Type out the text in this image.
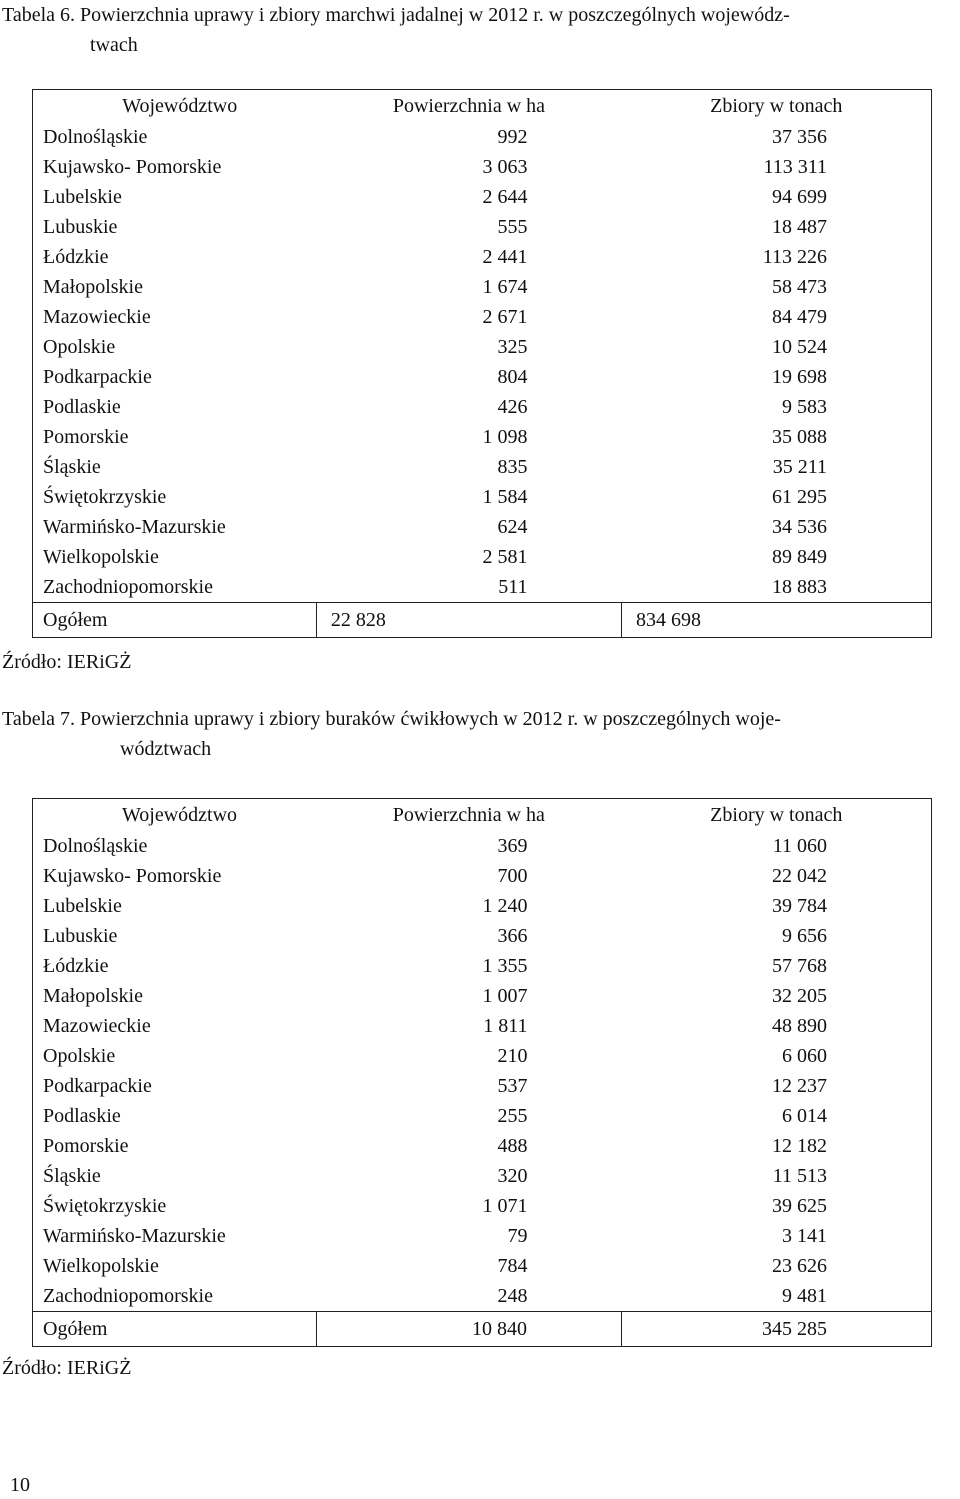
Tabela 6. Powierzchnia uprawy i zbiory marchwi jadalnej w 2012 r. w poszczególnych wojewódz-
twach
Województwo	Powierzchnia w ha	Zbiory w tonach
Dolnośląskie	992	37 356
Kujawsko- Pomorskie	3 063	113 311
Lubelskie	2 644	94 699
Lubuskie	555	18 487
Łódzkie	2 441	113 226
Małopolskie	1 674	58 473
Mazowieckie	2 671	84 479
Opolskie	325	10 524
Podkarpackie	804	19 698
Podlaskie	426	9 583
Pomorskie	1 098	35 088
Śląskie	835	35 211
Świętokrzyskie	1 584	61 295
Warmińsko-Mazurskie	624	34 536
Wielkopolskie	2 581	89 849
Zachodniopomorskie	511	18 883
Ogółem	22 828	834 698

Źródło: IERiGŻ

Tabela 7. Powierzchnia uprawy i zbiory buraków ćwikłowych w 2012 r. w poszczególnych woje-
wództwach
Województwo	Powierzchnia w ha	Zbiory w tonach
Dolnośląskie	369	11 060
Kujawsko- Pomorskie	700	22 042
Lubelskie	1 240	39 784
Lubuskie	366	9 656
Łódzkie	1 355	57 768
Małopolskie	1 007	32 205
Mazowieckie	1 811	48 890
Opolskie	210	6 060
Podkarpackie	537	12 237
Podlaskie	255	6 014
Pomorskie	488	12 182
Śląskie	320	11 513
Świętokrzyskie	1 071	39 625
Warmińsko-Mazurskie	79	3 141
Wielkopolskie	784	23 626
Zachodniopomorskie	248	9 481
Ogółem	10 840	345 285

Źródło: IERiGŻ

10
